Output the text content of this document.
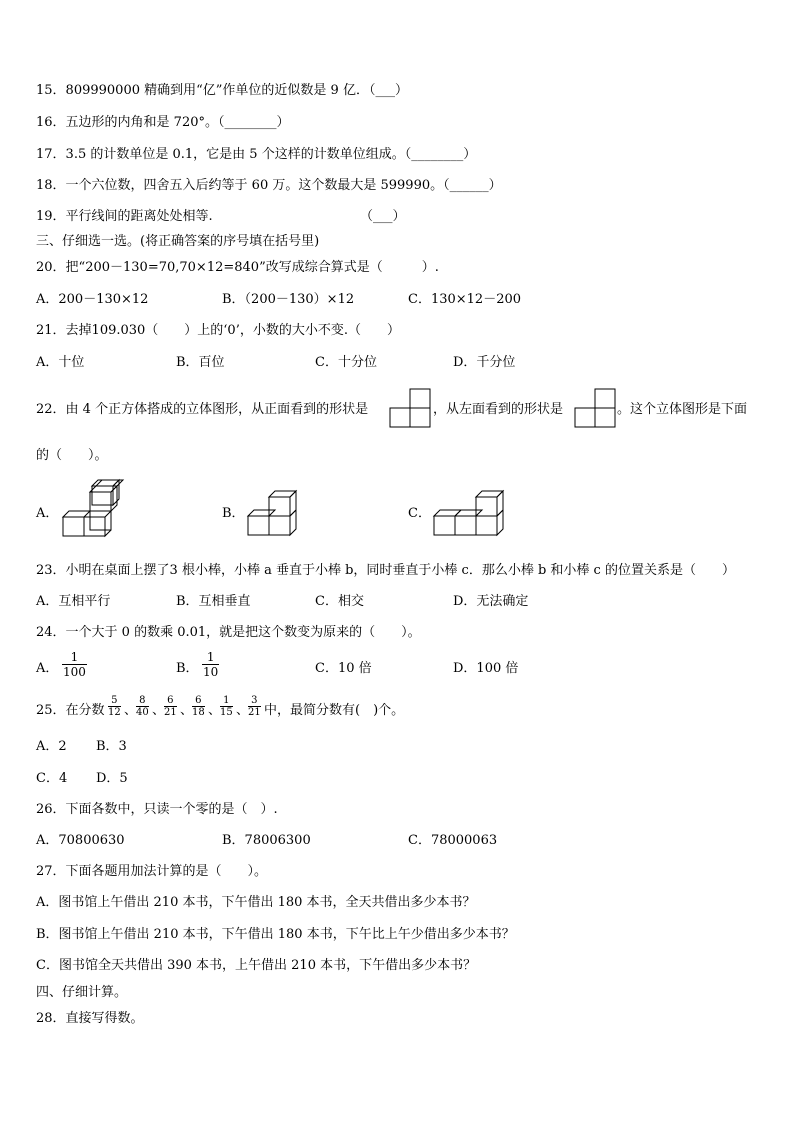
15．809990000 精确到用“亿”作单位的近似数是 9 亿．（___）
16．五边形的内角和是 720°。（________）
17．3.5 的计数单位是 0.1，它是由 5 个这样的计数单位组成。（________）
18．一个六位数，四舍五入后约等于 60 万。这个数最大是 599990。（______）
19．平行线间的距离处处相等.	（___）
三、仔细选一选。(将正确答案的序号填在括号里)
20．把“200－130=70,70×12=840”改写成综合算式是（　　　）.
A．200－130×12	B．（200－130）×12	C．130×12－200
21．去掉109.030（　　）上的‘0’，小数的大小不变.（　　）
A．十位	B．百位	C．十分位	D．千分位
22．由 4 个正方体搭成的立体图形，从正面看到的形状是	，从左面看到的形状是	。这个立体图形是下面
的（　　）。
A．	B．	C．
23．小明在桌面上摆了3 根小棒，小棒 a 垂直于小棒 b，同时垂直于小棒 c．那么小棒 b 和小棒 c 的位置关系是（　　）
A．互相平行	B．互相垂直	C．相交	D．无法确定
24．一个大于 0 的数乘 0.01，就是把这个数变为原来的（　　）。
A．
1
100	B．
1
10	C．10 倍	D．100 倍
25．在分数
5
12 、
8
40 、
6
21 、
6
18 、
1
15 、
3
21 中，最简分数有(　)个。
A．2 B．3
C．4 D．5
26．下面各数中，只读一个零的是（　）.
A．70800630	B．78006300	C．78000063
27．下面各题用加法计算的是（　　）。
A．图书馆上午借出 210 本书，下午借出 180 本书，全天共借出多少本书？
B．图书馆上午借出 210 本书，下午借出 180 本书，下午比上午少借出多少本书？
C．图书馆全天共借出 390 本书，上午借出 210 本书，下午借出多少本书？
四、仔细计算。
28．直接写得数。
